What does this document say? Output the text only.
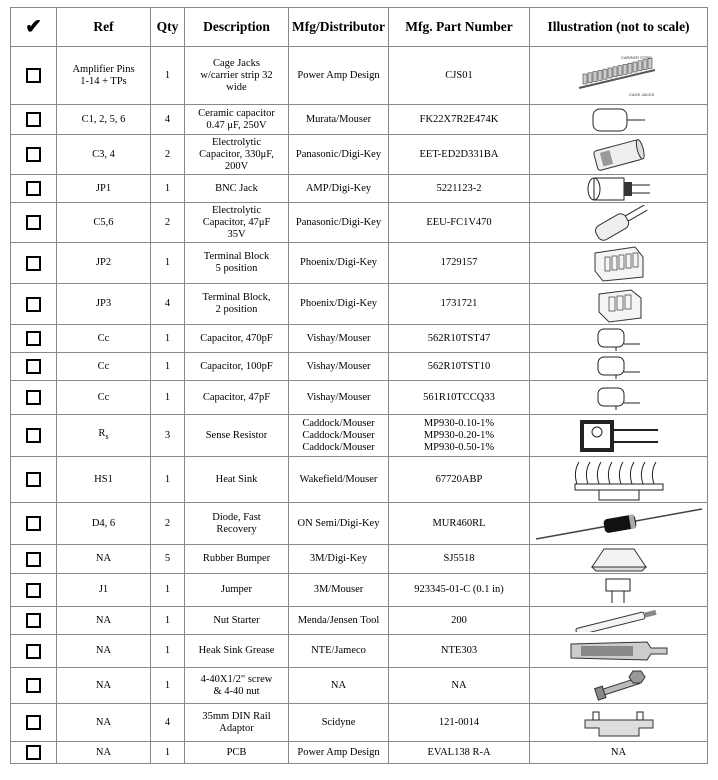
✔	Ref	Qty	Description	Mfg/Distributor	Mfg. Part Number	Illustration (not to scale)
	Amplifier Pins
1-14 + TPs	1	Cage Jacks
w/carrier strip 32
wide	Power Amp Design	CJS01	CARRIER STRIP
CAGE JACKS

	C1, 2, 5, 6	4	Ceramic capacitor
0.47 μF, 250V	Murata/Mouser	FK22X7R2E474K	

	C3, 4	2	Electrolytic
Capacitor, 330μF,
200V	Panasonic/Digi-Key	EET-ED2D331BA	

	JP1	1	BNC Jack	AMP/Digi-Key	5221123-2	

	C5,6	2	Electrolytic
Capacitor, 47μF
35V	Panasonic/Digi-Key	EEU-FC1V470	

	JP2	1	Terminal Block
5 position	Phoenix/Digi-Key	1729157	

	JP3	4	Terminal Block,
2 position	Phoenix/Digi-Key	1731721	

	Cc	1	Capacitor, 470pF	Vishay/Mouser	562R10TST47	

	Cc	1	Capacitor, 100pF	Vishay/Mouser	562R10TST10	

	Cc	1	Capacitor, 47pF	Vishay/Mouser	561R10TCCQ33	

	$R_s$	3	Sense Resistor	Caddock/Mouser
Caddock/Mouser
Caddock/Mouser	MP930-0.10-1%
MP930-0.20-1%
MP930-0.50-1%	

	HS1	1	Heat Sink	Wakefield/Mouser	67720ABP	

	D4, 6	2	Diode, Fast
Recovery	ON Semi/Digi-Key	MUR460RL	

	NA	5	Rubber Bumper	3M/Digi-Key	SJ5518	

	J1	1	Jumper	3M/Mouser	923345-01-C (0.1 in)	

	NA	1	Nut Starter	Menda/Jensen Tool	200	

	NA	1	Heak Sink Grease	NTE/Jameco	NTE303	

	NA	1	4-40X1/2" screw
& 4-40 nut	NA	NA	

	NA	4	35mm DIN Rail
Adaptor	Scidyne	121-0014	

	NA	1	PCB	Power Amp Design	EVAL138 R-A	NA
